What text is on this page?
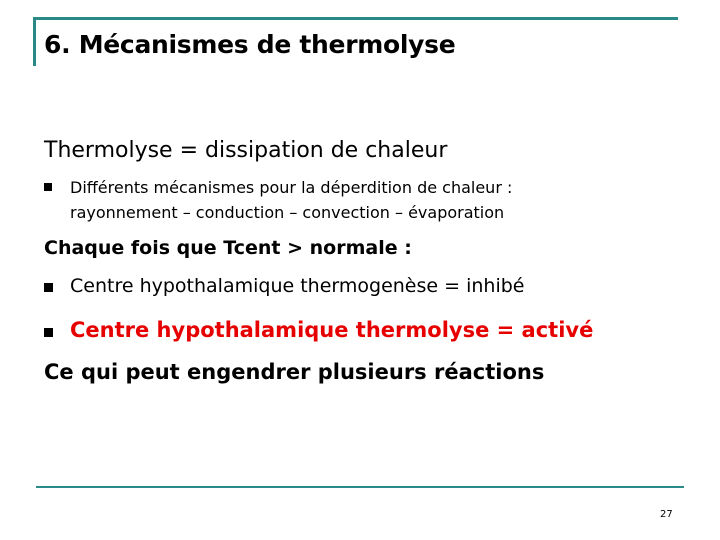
6. Mécanismes de thermolyse
Thermolyse = dissipation de chaleur
Différents mécanismes pour la déperdition de chaleur :
rayonnement – conduction – convection – évaporation
Chaque fois que Tcent > normale :
Centre hypothalamique thermogenèse = inhibé
Centre hypothalamique thermolyse = activé
Ce qui peut engendrer plusieurs réactions
27
